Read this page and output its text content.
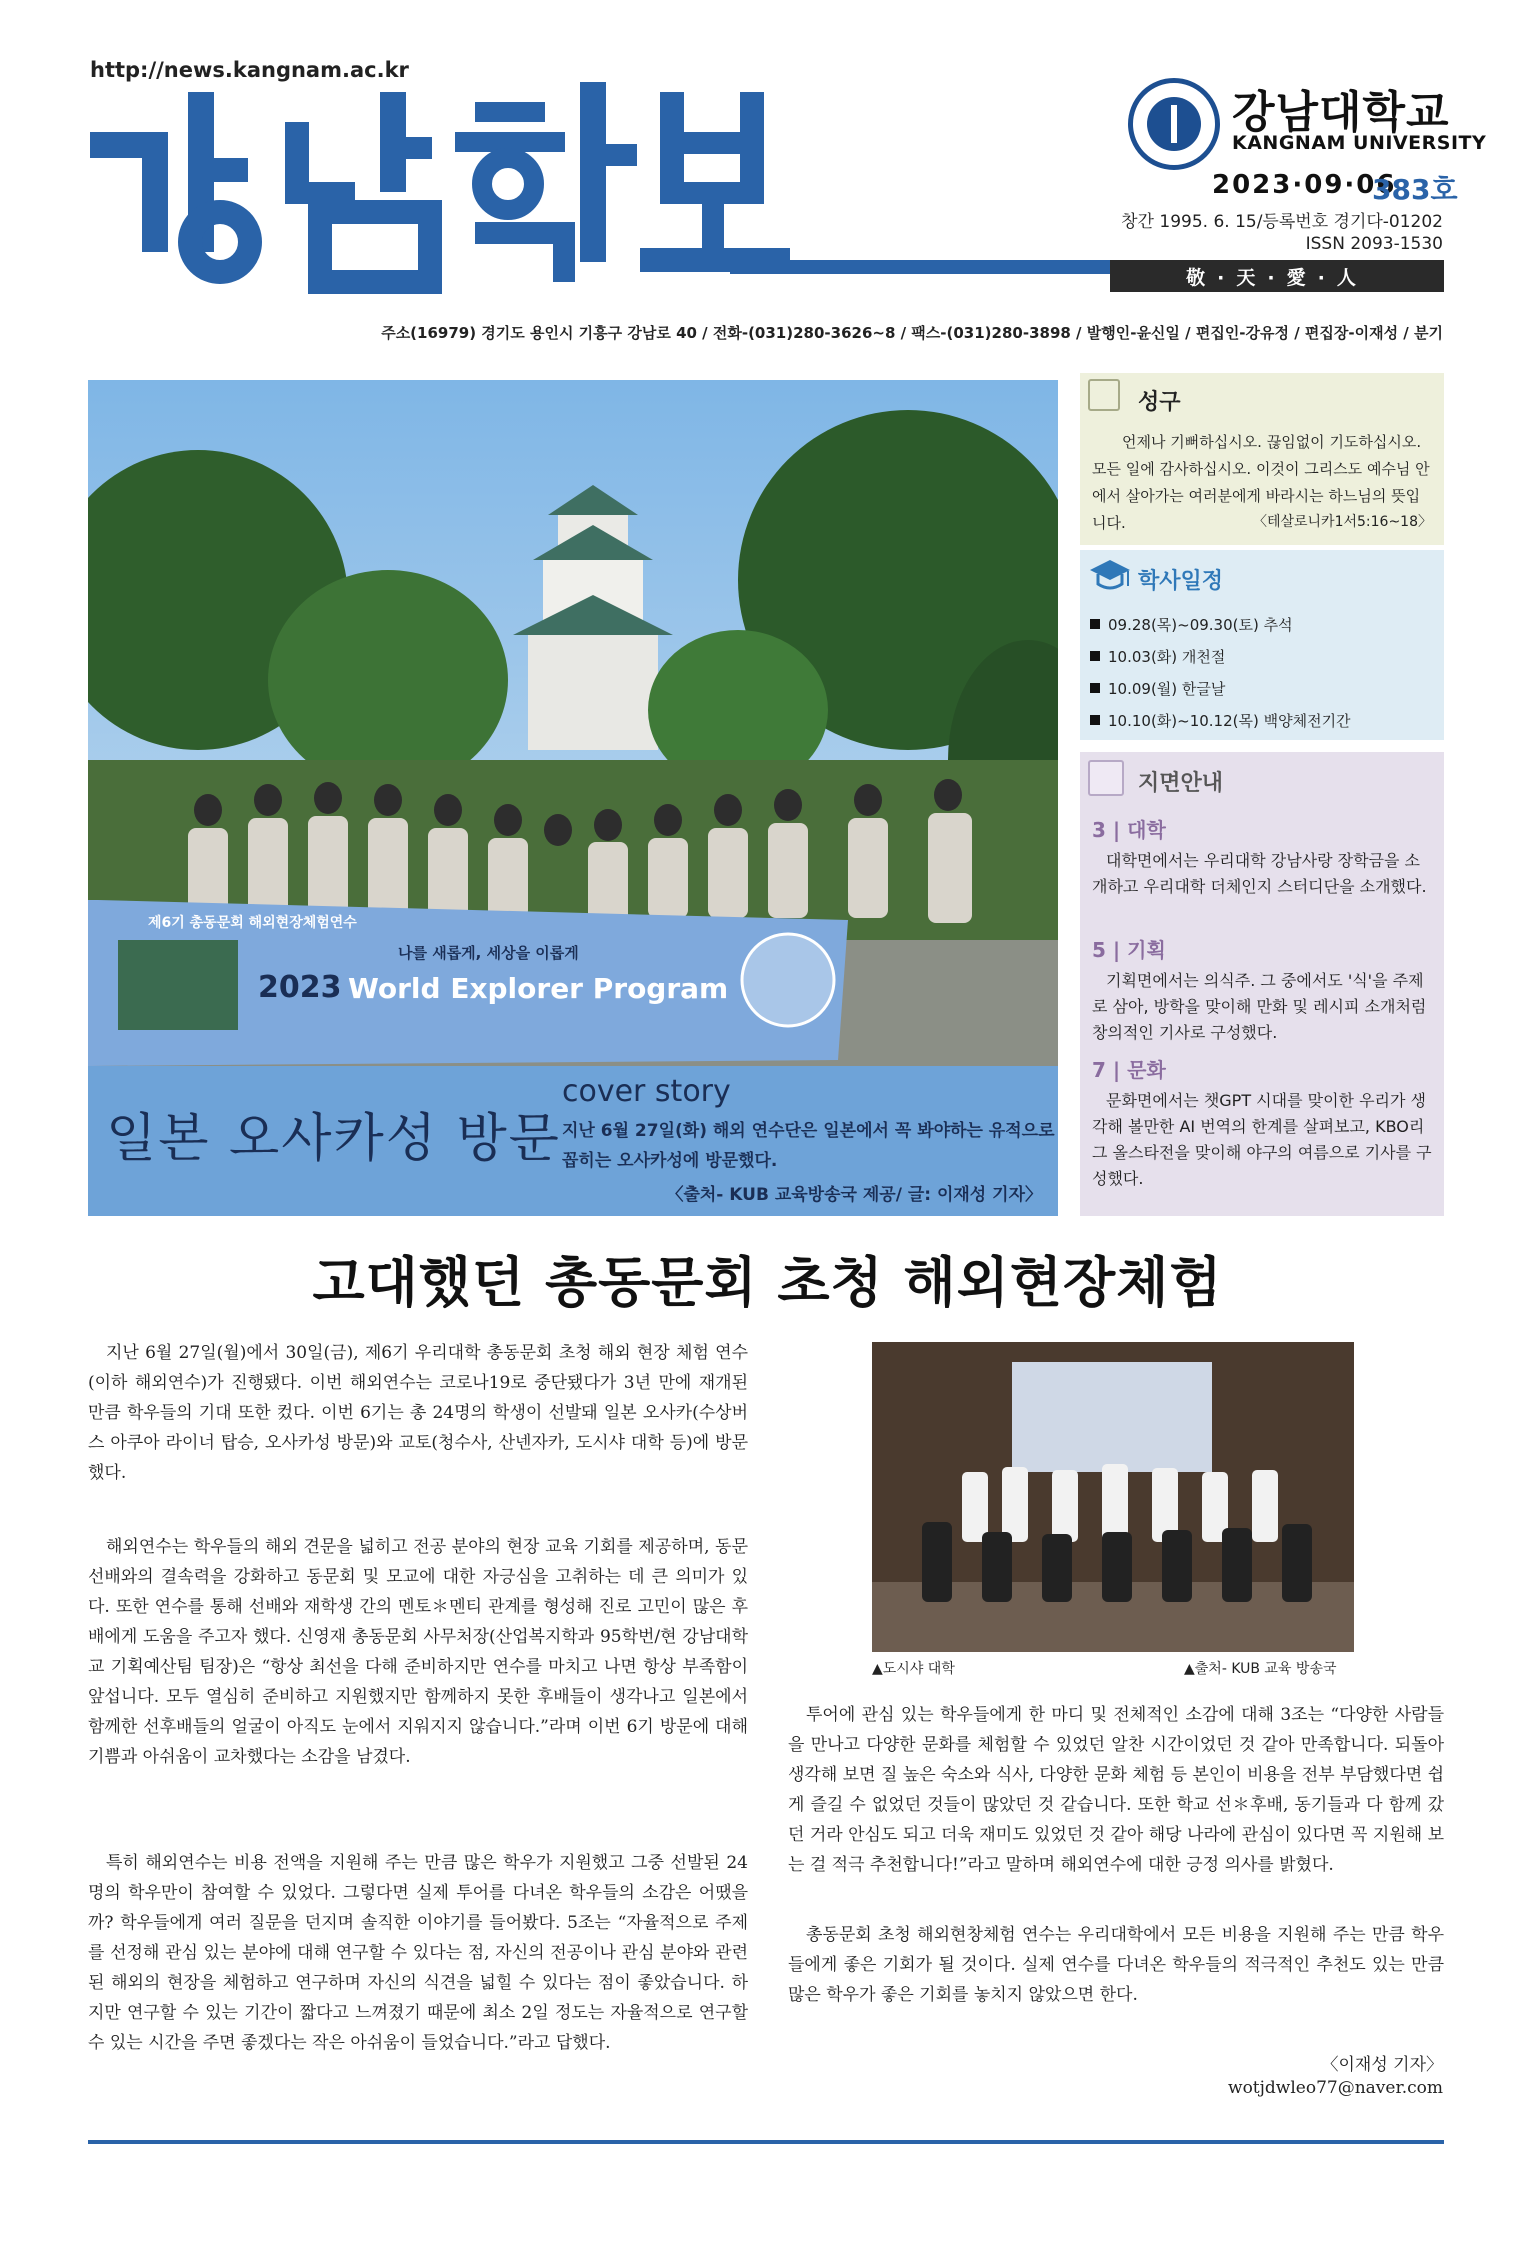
http://news.kangnam.ac.kr
강남대학교
KANGNAM UNIVERSITY
2023·09·06
383호
창간 1995. 6. 15/등록번호 경기다-01202
ISSN 2093-1530
敬·天·愛·人
주소(16979) 경기도 용인시 기흥구 강남로 40 / 전화-(031)280-3626~8 / 팩스-(031)280-3898 / 발행인-윤신일 / 편집인-강유정 / 편집장-이재성 / 분기
제6기 총동문회 해외현장체험연수
나를 새롭게, 세상을 이롭게
2023 World Explorer Program
일본 오사카성 방문
cover story
지난 6월 27일(화) 해외 연수단은 일본에서 꼭 봐야하는 유적으로
꼽히는 오사카성에 방문했다.
〈출처- KUB 교육방송국 제공/ 글: 이재성 기자〉
성구
언제나 기뻐하십시오. 끊임없이 기도하십시오. 모든 일에 감사하십시오. 이것이 그리스도 예수님 안에서 살아가는 여러분에게 바라시는 하느님의 뜻입니다.	〈테살로니카1서5:16~18〉
학사일정
09.28(목)~09.30(토) 추석
10.03(화) 개천절
10.09(월) 한글날
10.10(화)~10.12(목) 백양체전기간
지면안내
3 | 대학
대학면에서는 우리대학 강남사랑 장학금을 소개하고 우리대학 더체인지 스터디단을 소개했다.
5 | 기획
기획면에서는 의식주. 그 중에서도 '식'을 주제로 삼아, 방학을 맞이해 만화 및 레시피 소개처럼 창의적인 기사로 구성했다.
7 | 문화
문화면에서는 챗GPT 시대를 맞이한 우리가 생각해 볼만한 AI 번역의 한계를 살펴보고, KBO리그 올스타전을 맞이해 야구의 여름으로 기사를 구성했다.
고대했던 총동문회 초청 해외현장체험
지난 6월 27일(월)에서 30일(금), 제6기 우리대학 총동문회 초청 해외 현장 체험 연수(이하 해외연수)가 진행됐다. 이번 해외연수는 코로나19로 중단됐다가 3년 만에 재개된 만큼 학우들의 기대 또한 컸다. 이번 6기는 총 24명의 학생이 선발돼 일본 오사카(수상버스 아쿠아 라이너 탑승, 오사카성 방문)와 교토(청수사, 산넨자카, 도시샤 대학 등)에 방문했다.
해외연수는 학우들의 해외 견문을 넓히고 전공 분야의 현장 교육 기회를 제공하며, 동문 선배와의 결속력을 강화하고 동문회 및 모교에 대한 자긍심을 고취하는 데 큰 의미가 있다. 또한 연수를 통해 선배와 재학생 간의 멘토＊멘티 관계를 형성해 진로 고민이 많은 후배에게 도움을 주고자 했다. 신영재 총동문회 사무처장(산업복지학과 95학번/현 강남대학교 기획예산팀 팀장)은 “항상 최선을 다해 준비하지만 연수를 마치고 나면 항상 부족함이 앞섭니다. 모두 열심히 준비하고 지원했지만 함께하지 못한 후배들이 생각나고 일본에서 함께한 선후배들의 얼굴이 아직도 눈에서 지워지지 않습니다.”라며 이번 6기 방문에 대해 기쁨과 아쉬움이 교차했다는 소감을 남겼다.
특히 해외연수는 비용 전액을 지원해 주는 만큼 많은 학우가 지원했고 그중 선발된 24명의 학우만이 참여할 수 있었다. 그렇다면 실제 투어를 다녀온 학우들의 소감은 어땠을까? 학우들에게 여러 질문을 던지며 솔직한 이야기를 들어봤다. 5조는 “자율적으로 주제를 선정해 관심 있는 분야에 대해 연구할 수 있다는 점, 자신의 전공이나 관심 분야와 관련된 해외의 현장을 체험하고 연구하며 자신의 식견을 넓힐 수 있다는 점이 좋았습니다. 하지만 연구할 수 있는 기간이 짧다고 느껴졌기 때문에 최소 2일 정도는 자율적으로 연구할 수 있는 시간을 주면 좋겠다는 작은 아쉬움이 들었습니다.”라고 답했다.
▲도시샤 대학	▲출처- KUB 교육 방송국
투어에 관심 있는 학우들에게 한 마디 및 전체적인 소감에 대해 3조는 “다양한 사람들을 만나고 다양한 문화를 체험할 수 있었던 알찬 시간이었던 것 같아 만족합니다. 되돌아 생각해 보면 질 높은 숙소와 식사, 다양한 문화 체험 등 본인이 비용을 전부 부담했다면 쉽게 즐길 수 없었던 것들이 많았던 것 같습니다. 또한 학교 선＊후배, 동기들과 다 함께 갔던 거라 안심도 되고 더욱 재미도 있었던 것 같아 해당 나라에 관심이 있다면 꼭 지원해 보는 걸 적극 추천합니다!”라고 말하며 해외연수에 대한 긍정 의사를 밝혔다.
총동문회 초청 해외현창체험 연수는 우리대학에서 모든 비용을 지원해 주는 만큼 학우들에게 좋은 기회가 될 것이다. 실제 연수를 다녀온 학우들의 적극적인 추천도 있는 만큼 많은 학우가 좋은 기회를 놓치지 않았으면 한다.
〈이재성 기자〉
wotjdwleo77@naver.com
